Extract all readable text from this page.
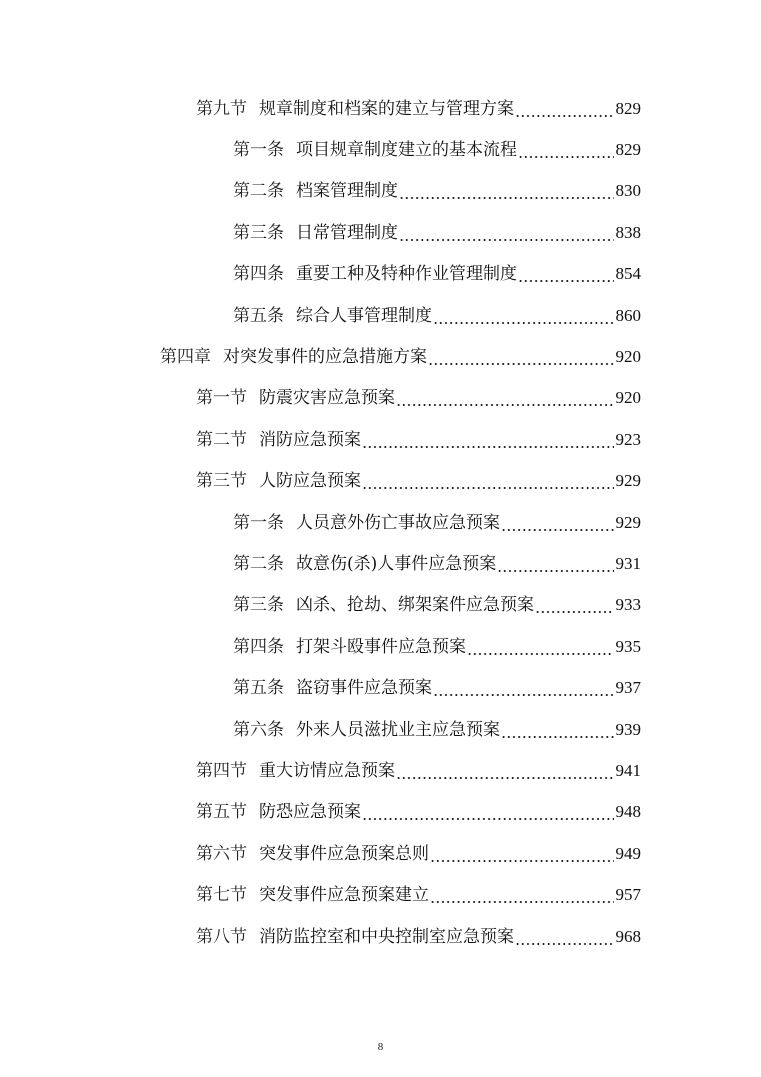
第九节 规章制度和档案的建立与管理方案	829
第一条 项目规章制度建立的基本流程	829
第二条 档案管理制度	830
第三条 日常管理制度	838
第四条 重要工种及特种作业管理制度	854
第五条 综合人事管理制度	860
第四章 对突发事件的应急措施方案	920
第一节 防震灾害应急预案	920
第二节 消防应急预案	923
第三节 人防应急预案	929
第一条 人员意外伤亡事故应急预案	929
第二条 故意伤(杀)人事件应急预案	931
第三条 凶杀、抢劫、绑架案件应急预案	933
第四条 打架斗殴事件应急预案	935
第五条 盗窃事件应急预案	937
第六条 外来人员滋扰业主应急预案	939
第四节 重大访情应急预案	941
第五节 防恐应急预案	948
第六节 突发事件应急预案总则	949
第七节 突发事件应急预案建立	957
第八节 消防监控室和中央控制室应急预案	968
8
